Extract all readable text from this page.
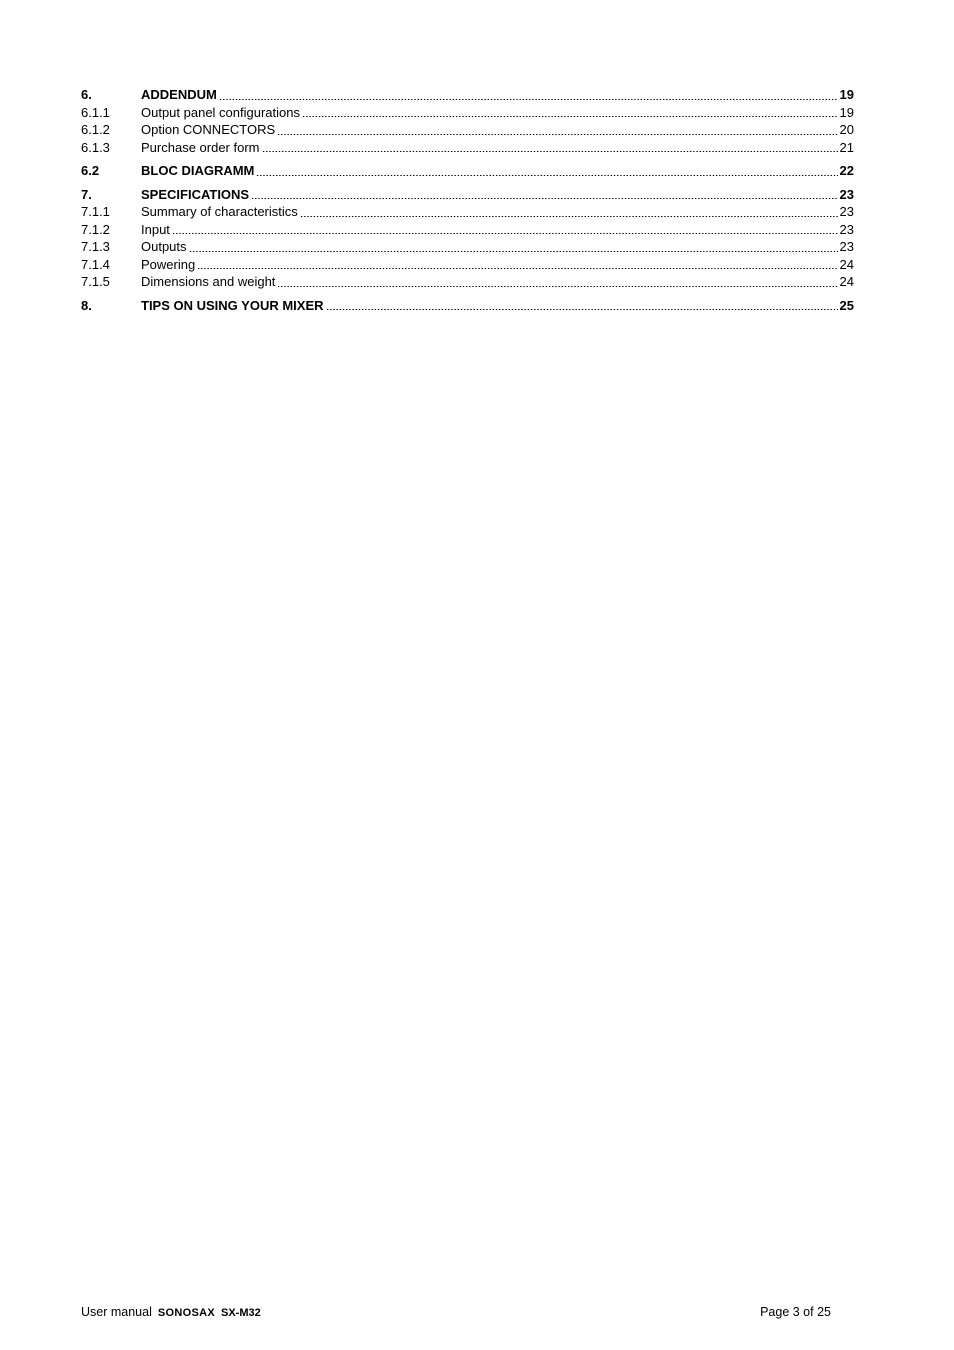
6.	ADDENDUM	19
6.1.1	Output panel configurations	19
6.1.2	Option CONNECTORS	20
6.1.3	Purchase order form	21
6.2	BLOC DIAGRAMM	22
7.	SPECIFICATIONS	23
7.1.1	Summary of characteristics	23
7.1.2	Input	23
7.1.3	Outputs	23
7.1.4	Powering	24
7.1.5	Dimensions and weight	24
8.	TIPS ON USING YOUR MIXER	25
User manual SONOSAX SX-M32	Page 3 of 25
